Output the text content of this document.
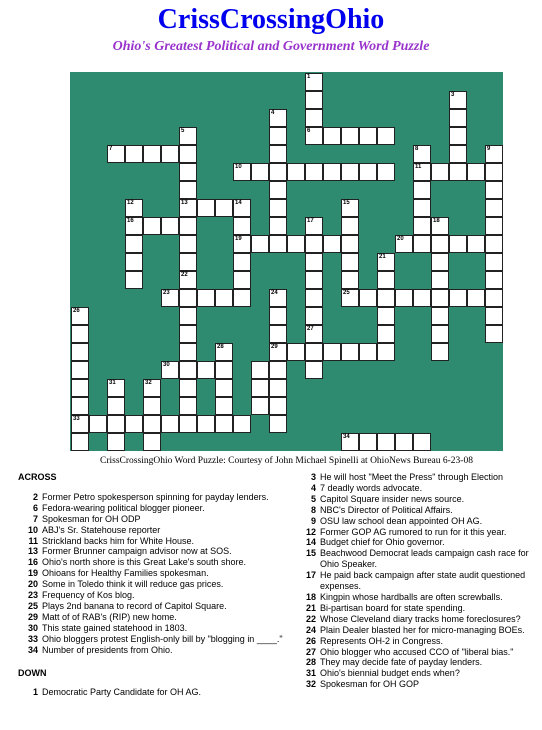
CrissCrossingOhio
Ohio's Greatest Political and Government Word Puzzle
6
7
10	11
13	14
16
19	20
23	25
29
30
33
34
1
3
4
5
8	9
12
22
15
17
27
18
21
24
26
28
31	32
CrissCrossingOhio Word Puzzle: Courtesy of John Michael Spinelli at OhioNews Bureau 6-23-08
ACROSS
2 Former Petro spokesperson spinning for payday lenders.
6 Fedora-wearing political blogger pioneer.
7 Spokesman for OH ODP
10 ABJ's Sr. Statehouse reporter
11 Strickland backs him for White House.
13 Former Brunner campaign advisor now at SOS.
16 Ohio's north shore is this Great Lake's south shore.
19 Ohioans for Healthy Families spokesman.
20 Some in Toledo think it will reduce gas prices.
23 Frequency of Kos blog.
25 Plays 2nd banana to record of Capitol Square.
29 Matt of of RAB's (RIP) new home.
30 This state gained statehood in 1803.
33 Ohio bloggers protest English-only bill by "blogging in ____."
34 Number of presidents from Ohio.
DOWN
1 Democratic Party Candidate for OH AG.
3 He will host "Meet the Press" through Election
4 7 deadly words advocate.
5 Capitol Square insider news source.
8 NBC's Director of Political Affairs.
9 OSU law school dean appointed OH AG.
12 Former GOP AG rumored to run for it this year.
14 Budget chief for Ohio governor.
15 Beachwood Democrat leads campaign cash race for Ohio Speaker.
17 He paid back campaign after state audit questioned expenses.
18 Kingpin whose hardballs are often screwballs.
21 Bi-partisan board for state spending.
22 Whose Cleveland diary tracks home foreclosures?
24 Plain Dealer blasted her for micro-managing BOEs.
26 Represents OH-2 in Congress.
27 Ohio blogger who accused CCO of "liberal bias."
28 They may decide fate of payday lenders.
31 Ohio's biennial budget ends when?
32 Spokesman for OH GOP
